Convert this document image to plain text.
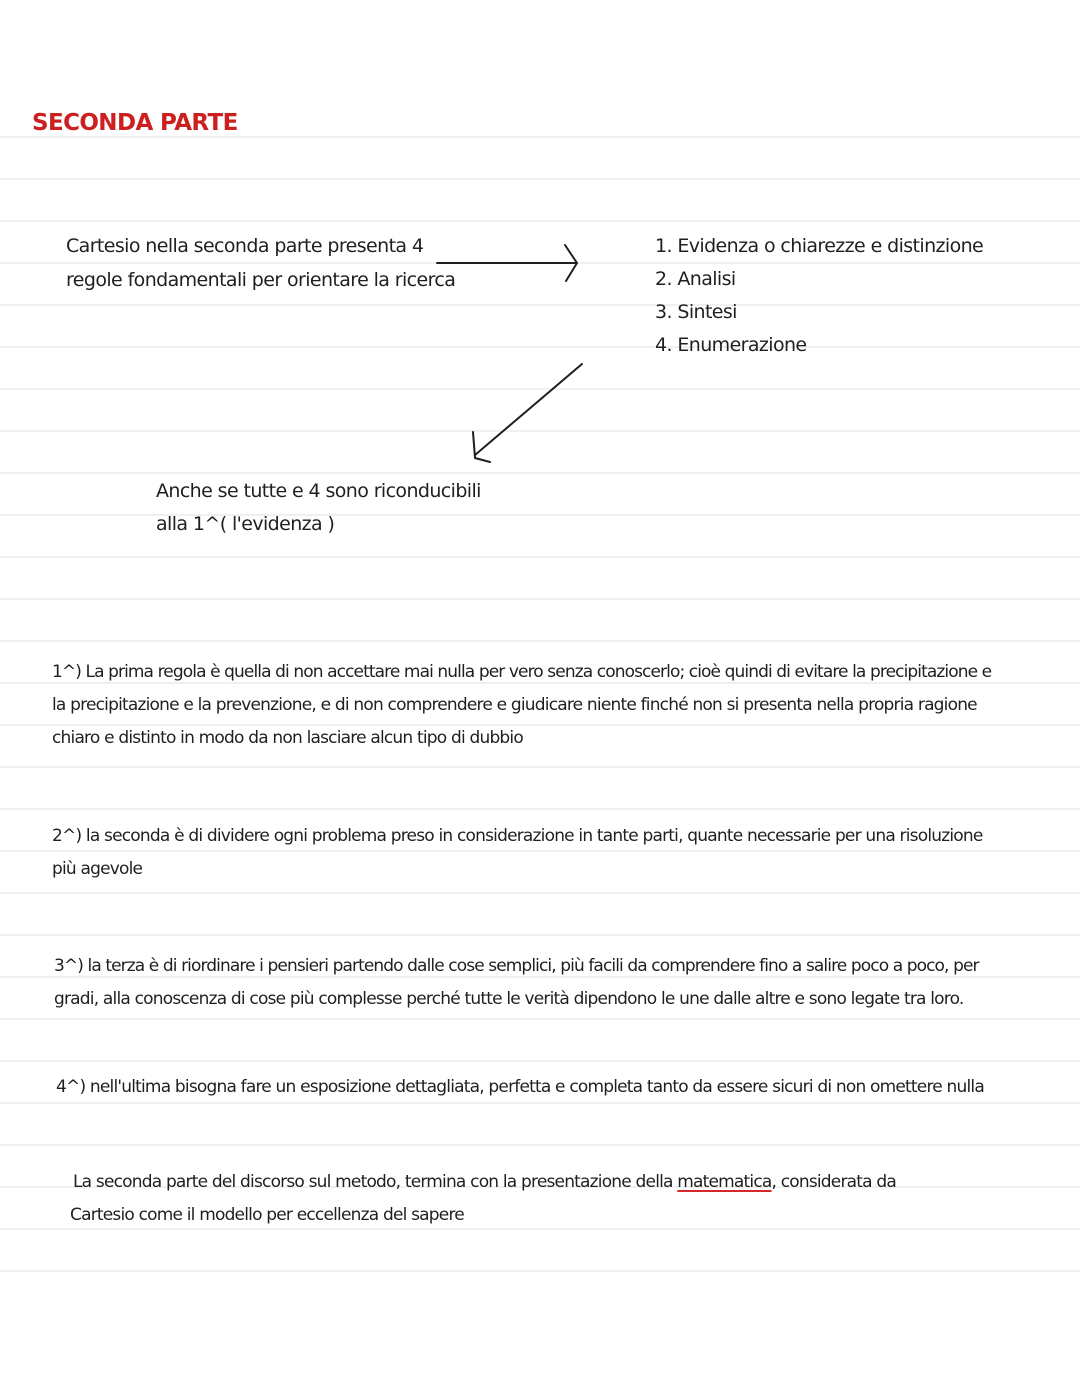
SECONDA PARTE
Cartesio nella seconda parte presenta 4
regole fondamentali per orientare la ricerca
1. Evidenza o chiarezze e distinzione
2. Analisi
3. Sintesi
4. Enumerazione
Anche se tutte e 4 sono riconducibili
alla 1^( l'evidenza )
1^) La prima regola è quella di non accettare mai nulla per vero senza conoscerlo; cioè quindi di evitare la precipitazione e
la precipitazione e la prevenzione, e di non comprendere e giudicare niente finché non si presenta nella propria ragione
chiaro e distinto in modo da non lasciare alcun tipo di dubbio
2^) la seconda è di dividere ogni problema preso in considerazione in tante parti, quante necessarie per una risoluzione
più agevole
3^) la terza è di riordinare i pensieri partendo dalle cose semplici, più facili da comprendere fino a salire poco a poco, per
gradi, alla conoscenza di cose più complesse perché tutte le verità dipendono le une dalle altre e sono legate tra loro.
4^) nell'ultima bisogna fare un esposizione dettagliata, perfetta e completa tanto da essere sicuri di non omettere nulla
La seconda parte del discorso sul metodo, termina con la presentazione della matematica, considerata da
Cartesio come il modello per eccellenza del sapere
